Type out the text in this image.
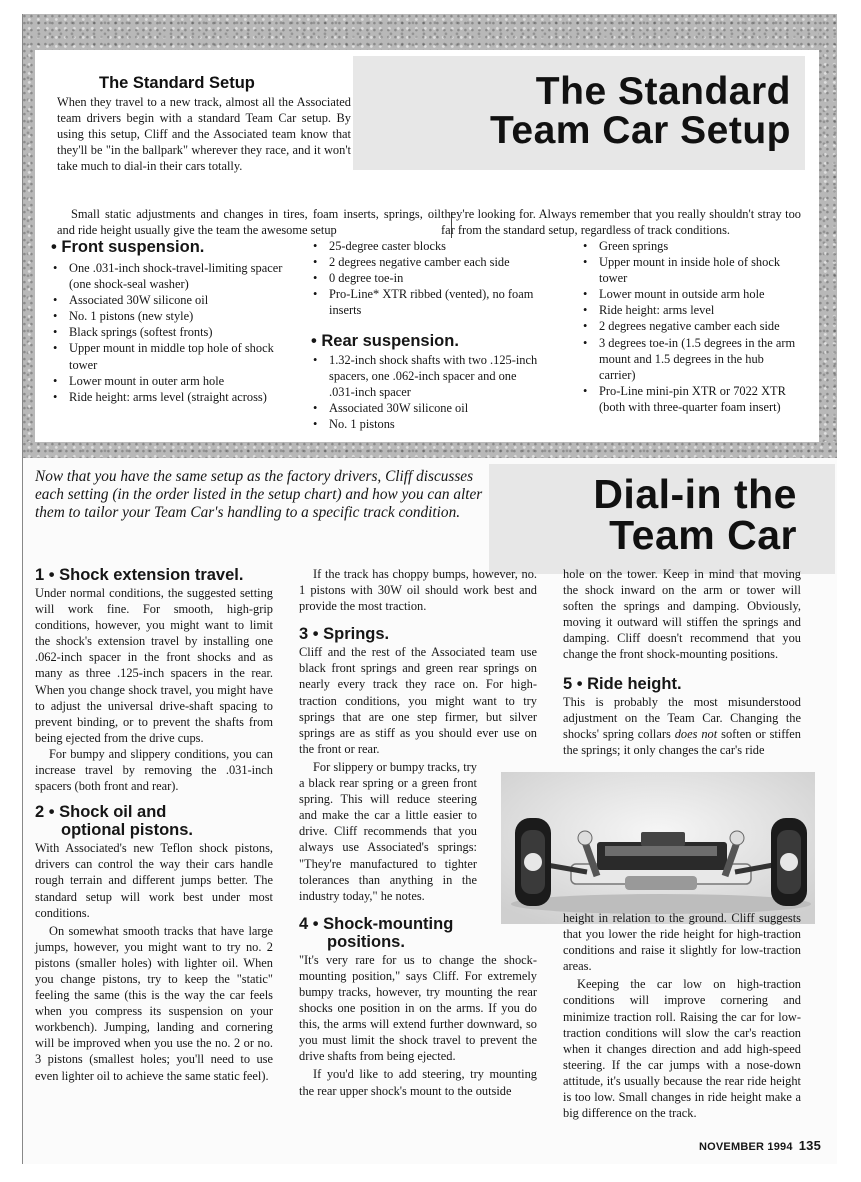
The Standard Setup

When they travel to a new track, almost all the Associated team drivers begin with a standard Team Car setup. By using this setup, Cliff and the Associated team know that they'll be "in the ballpark" wherever they race, and it won't take much to dial-in their cars totally.

The Standard
Team Car Setup
Small static adjustments and changes in tires, foam inserts, springs, oil and ride height usually give the team the awesome setup
they're looking for. Always remember that you really shouldn't stray too far from the standard setup, regardless of track conditions.
• Front suspension.
• One .031-inch shock-travel-limiting spacer (one shock-seal washer)
• Associated 30W silicone oil
• No. 1 pistons (new style)
• Black springs (softest fronts)
• Upper mount in middle top hole of shock tower
• Lower mount in outer arm hole
• Ride height: arms level (straight across)
• 25-degree caster blocks
• 2 degrees negative camber each side
• 0 degree toe-in
• Pro-Line* XTR ribbed (vented), no foam inserts
• Rear suspension.
• 1.32-inch shock shafts with two .125-inch spacers, one .062-inch spacer and one .031-inch spacer
• Associated 30W silicone oil
• No. 1 pistons
• Green springs
• Upper mount in inside hole of shock tower
• Lower mount in outside arm hole
• Ride height: arms level
• 2 degrees negative camber each side
• 3 degrees toe-in (1.5 degrees in the arm mount and 1.5 degrees in the hub carrier)
• Pro-Line mini-pin XTR or 7022 XTR (both with three-quarter foam insert)
Now that you have the same setup as the factory drivers, Cliff discusses each setting (in the order listed in the setup chart) and how you can alter them to tailor your Team Car's handling to a specific track condition.	Dial-in the
Team Car
1 • Shock extension travel.

Under normal conditions, the suggested setting will work fine. For smooth, high-grip conditions, however, you might want to limit the shock's extension travel by installing one .062-inch spacer in the front shocks and as many as three .125-inch spacers in the rear. When you change shock travel, you might have to adjust the universal drive-shaft spacing to prevent binding, or to prevent the shafts from being ejected from the drive cups.

For bumpy and slippery conditions, you can increase travel by removing the .031-inch spacers (both front and rear).

2 • Shock oil and
optional pistons.

With Associated's new Teflon shock pistons, drivers can control the way their cars handle rough terrain and different jumps better. The standard setup will work best under most conditions.

On somewhat smooth tracks that have large jumps, however, you might want to try no. 2 pistons (smaller holes) with lighter oil. When you change pistons, try to keep the "static" feeling the same (this is the way the car feels when you compress its suspension on your workbench). Jumping, landing and cornering will be improved when you use the no. 2 or no. 3 pistons (smallest holes; you'll need to use even lighter oil to achieve the same static feel).

If the track has choppy bumps, however, no. 1 pistons with 30W oil should work best and provide the most traction.

3 • Springs.

Cliff and the rest of the Associated team use black front springs and green rear springs on nearly every track they race on. For high-traction conditions, you might want to try springs that are one step firmer, but silver springs are as stiff as you should ever use on the front or rear.

For slippery or bumpy tracks, try a black rear spring or a green front spring. This will reduce steering and make the car a little easier to drive. Cliff recommends that you always use Associated's springs: "They're manufactured to tighter tolerances than anything in the industry today," he notes.

4 • Shock-mounting
positions.

"It's very rare for us to change the shock-mounting position," says Cliff. For extremely bumpy tracks, however, try mounting the rear shocks one position in on the arms. If you do this, the arms will extend further downward, so you must limit the shock travel to prevent the drive shafts from being ejected.

If you'd like to add steering, try mounting the rear upper shock's mount to the outside

hole on the tower. Keep in mind that moving the shock inward on the arm or tower will soften the springs and damping. Obviously, moving it outward will stiffen the springs and damping. Cliff doesn't recommend that you change the front shock-mounting positions.

5 • Ride height.

This is probably the most misunderstood adjustment on the Team Car. Changing the shocks' spring collars does not soften or stiffen the springs; it only changes the car's ride

height in relation to the ground. Cliff suggests that you lower the ride height for high-traction conditions and raise it slightly for low-traction areas.

Keeping the car low on high-traction conditions will improve cornering and minimize traction roll. Raising the car for low-traction conditions will slow the car's reaction when it changes direction and add high-speed steering. If the car jumps with a nose-down attitude, it's usually because the rear ride height is too low. Small changes in ride height make a big difference on the track.

NOVEMBER 1994 135
